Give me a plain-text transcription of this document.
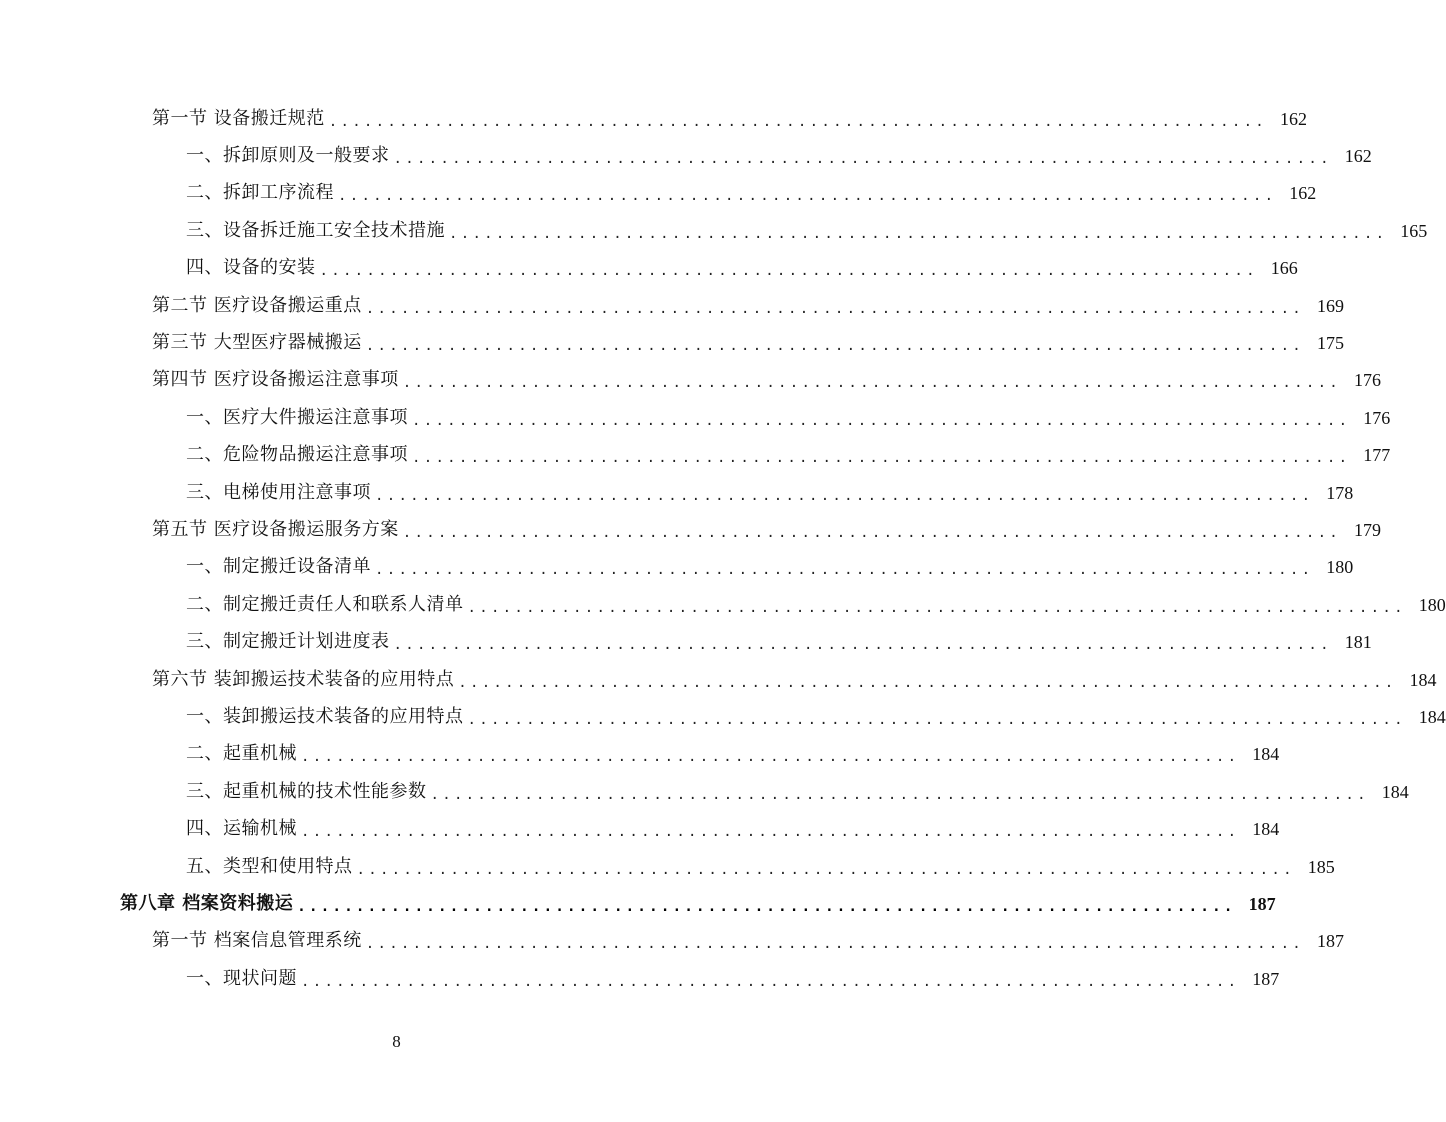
第一节 设备搬迁规范 ................................................................................ 162
一、拆卸原则及一般要求 ................................................................................ 162
二、拆卸工序流程 ................................................................................ 162
三、设备拆迁施工安全技术措施 ................................................................................ 165
四、设备的安装 ................................................................................ 166
第二节 医疗设备搬运重点 ................................................................................ 169
第三节 大型医疗器械搬运 ................................................................................ 175
第四节 医疗设备搬运注意事项 ................................................................................ 176
一、医疗大件搬运注意事项 ................................................................................ 176
二、危险物品搬运注意事项 ................................................................................ 177
三、电梯使用注意事项 ................................................................................ 178
第五节 医疗设备搬运服务方案 ................................................................................ 179
一、制定搬迁设备清单 ................................................................................ 180
二、制定搬迁责任人和联系人清单 ................................................................................ 180
三、制定搬迁计划进度表 ................................................................................ 181
第六节 装卸搬运技术装备的应用特点 ................................................................................ 184
一、装卸搬运技术装备的应用特点 ................................................................................ 184
二、起重机械 ................................................................................ 184
三、起重机械的技术性能参数 ................................................................................ 184
四、运输机械 ................................................................................ 184
五、类型和使用特点 ................................................................................ 185
第八章 档案资料搬运 ................................................................................ 187
第一节 档案信息管理系统 ................................................................................ 187
一、现状问题 ................................................................................ 187
8
